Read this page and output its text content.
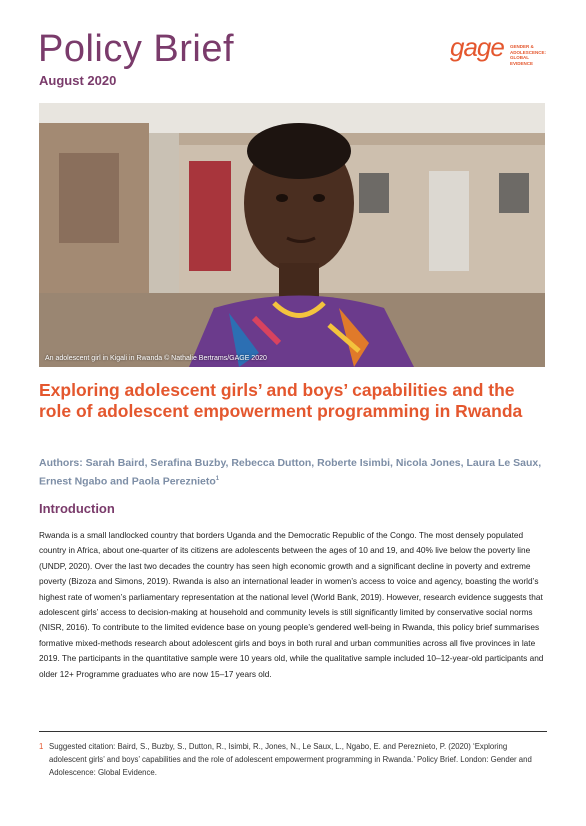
Policy Brief
August 2020
gage GENDER & ADOLESCENCE: GLOBAL EVIDENCE
An adolescent girl in Kigali in Rwanda © Nathalie Bertrams/GAGE 2020
Exploring adolescent girls’ and boys’ capabilities and the role of adolescent empowerment programming in Rwanda

Authors: Sarah Baird, Serafina Buzby, Rebecca Dutton, Roberte Isimbi, Nicola Jones, Laura Le Saux, Ernest Ngabo and Paola Pereznieto$^1$

Introduction

Rwanda is a small landlocked country that borders Uganda and the Democratic Republic of the Congo. The most densely populated country in Africa, about one-quarter of its citizens are adolescents between the ages of 10 and 19, and 40% live below the poverty line (UNDP, 2020). Over the last two decades the country has seen high economic growth and a significant decline in poverty and extreme poverty (Bizoza and Simons, 2019). Rwanda is also an international leader in women’s access to voice and agency, boasting the world’s highest rate of women’s parliamentary representation at the national level (World Bank, 2019). However, research evidence suggests that adolescent girls’ access to decision-making at household and community levels is still significantly limited by conservative social norms (NISR, 2016). To contribute to the limited evidence base on young people’s gendered well-being in Rwanda, this policy brief summarises formative mixed-methods research about adolescent girls and boys in both rural and urban communities across all five provinces in late 2019. The participants in the quantitative sample were 10 years old, while the qualitative sample included 10–12-year-old participants and older 12+ Programme graduates who are now 15–17 years old.

1 Suggested citation: Baird, S., Buzby, S., Dutton, R., Isimbi, R., Jones, N., Le Saux, L., Ngabo, E. and Pereznieto, P. (2020) ‘Exploring adolescent girls’ and boys’ capabilities and the role of adolescent empowerment programming in Rwanda.’ Policy Brief. London: Gender and Adolescence: Global Evidence.
